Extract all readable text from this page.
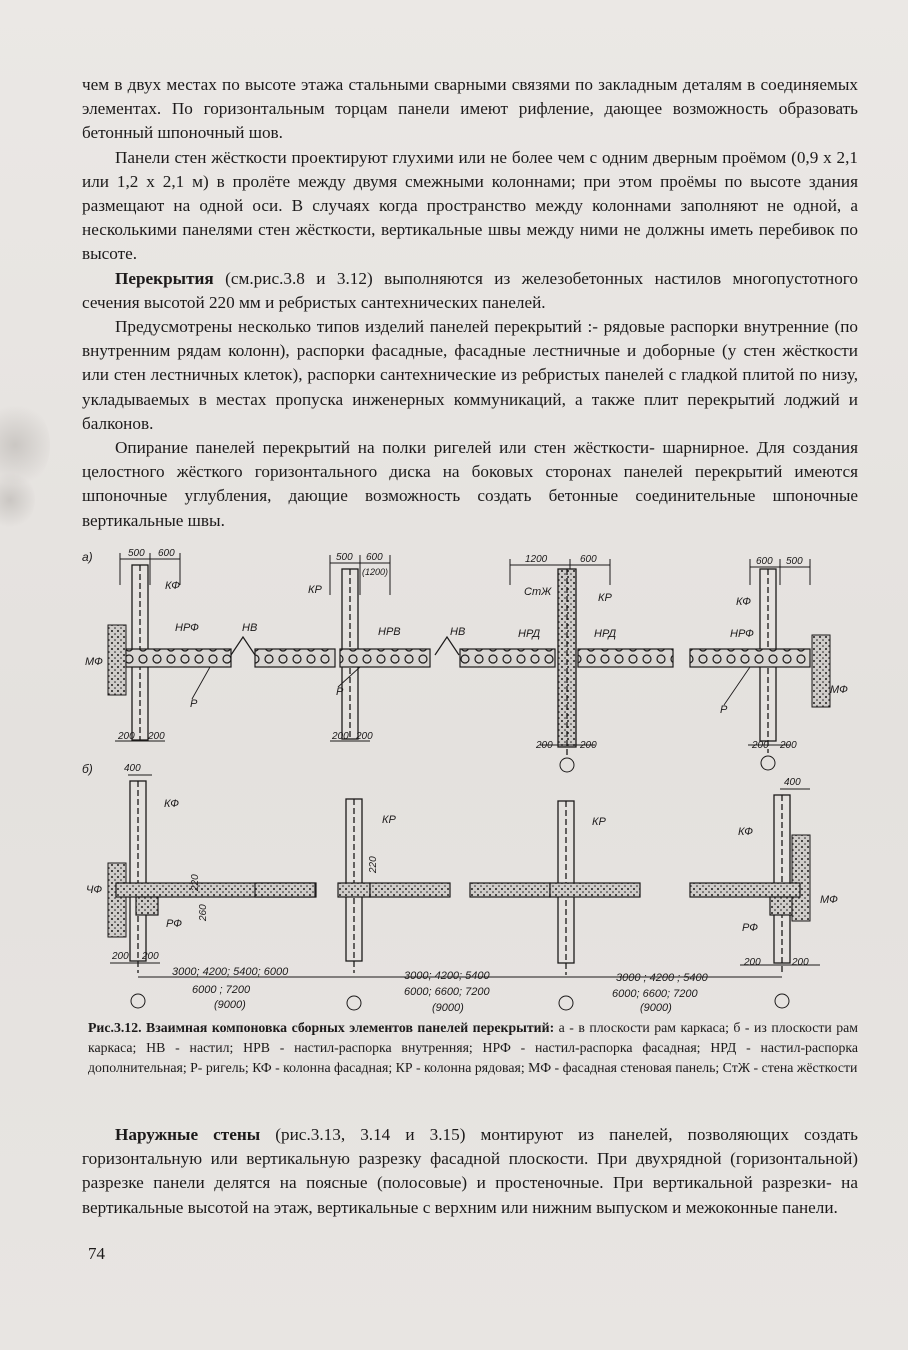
чем в двух местах по высоте этажа стальными сварными связями по закладным деталям в соединяемых элементах. По горизонтальным торцам панели имеют рифление, дающее возможность образовать бетонный шпоночный шов.

Панели стен жёсткости проектируют глухими или не более чем с одним дверным проёмом (0,9 х 2,1 или 1,2 х 2,1 м) в пролёте между двумя смежными колоннами; при этом проёмы по высоте здания размещают на одной оси. В случаях когда пространство между колоннами заполняют не одной, а несколькими панелями стен жёсткости, вертикальные швы между ними не должны иметь перебивок по высоте.

Перекрытия (см.рис.3.8 и 3.12) выполняются из железобетонных настилов многопустотного сечения высотой 220 мм и ребристых сантехнических панелей.

Предусмотрены несколько типов изделий панелей перекрытий :- рядовые распорки внутренние (по внутренним рядам колонн), распорки фасадные, фасадные лестничные и доборные (у стен жёсткости или стен лестничных клеток), распорки сантехнические из ребристых панелей с гладкой плитой по низу, укладываемых в местах пропуска инженерных коммуникаций, а также плит перекрытий лоджий и балконов.

Опирание панелей перекрытий на полки ригелей или стен жёсткости- шарнирное. Для создания целостного жёсткого горизонтального диска на боковых сторонах панелей перекрытий имеются шпоночные углубления, дающие возможность создать бетонные соединительные шпоночные вертикальные швы.

а)	500 600	500 600
(1200)
1200	600	600 500
КФ
НРФ
МФ
НВ
КР
НРВ	НВ
СтЖ	КР
НРД	НРД
КФ
НРФ
МФ
Р
Р
Р
200 200	200 200
200	200	200 200
б)	400
400
КФ
КР	КР
КФ
ЧФ
РФ	РФ
МФ
220
220
260
200 200
200	200
3000; 4200; 5400; 6000	3000; 4200; 5400	3000 ; 4200 ; 5400
6000 ; 7200	6000; 6600; 7200	6000; 6600; 7200
(9000)	(9000)	(9000)
Рис.3.12. Взаимная компоновка сборных элементов панелей перекрытий: а - в плоскости рам каркаса; б - из плоскости рам каркаса; НВ - настил; НРВ - настил-распорка внутренняя; НРФ - настил-распорка фасадная; НРД - настил-распорка дополнительная; Р- ригель; КФ - колонна фасадная; КР - колонна рядовая; МФ - фасадная стеновая панель; СтЖ - стена жёсткости

Наружные стены (рис.3.13, 3.14 и 3.15) монтируют из панелей, позволяющих создать горизонтальную или вертикальную разрезку фасадной плоскости. При двухрядной (горизонтальной) разрезке панели делятся на поясные (полосовые) и простеночные. При вертикальной разрезки- на вертикальные высотой на этаж, вертикальные с верхним или нижним выпуском и межоконные панели.

74
